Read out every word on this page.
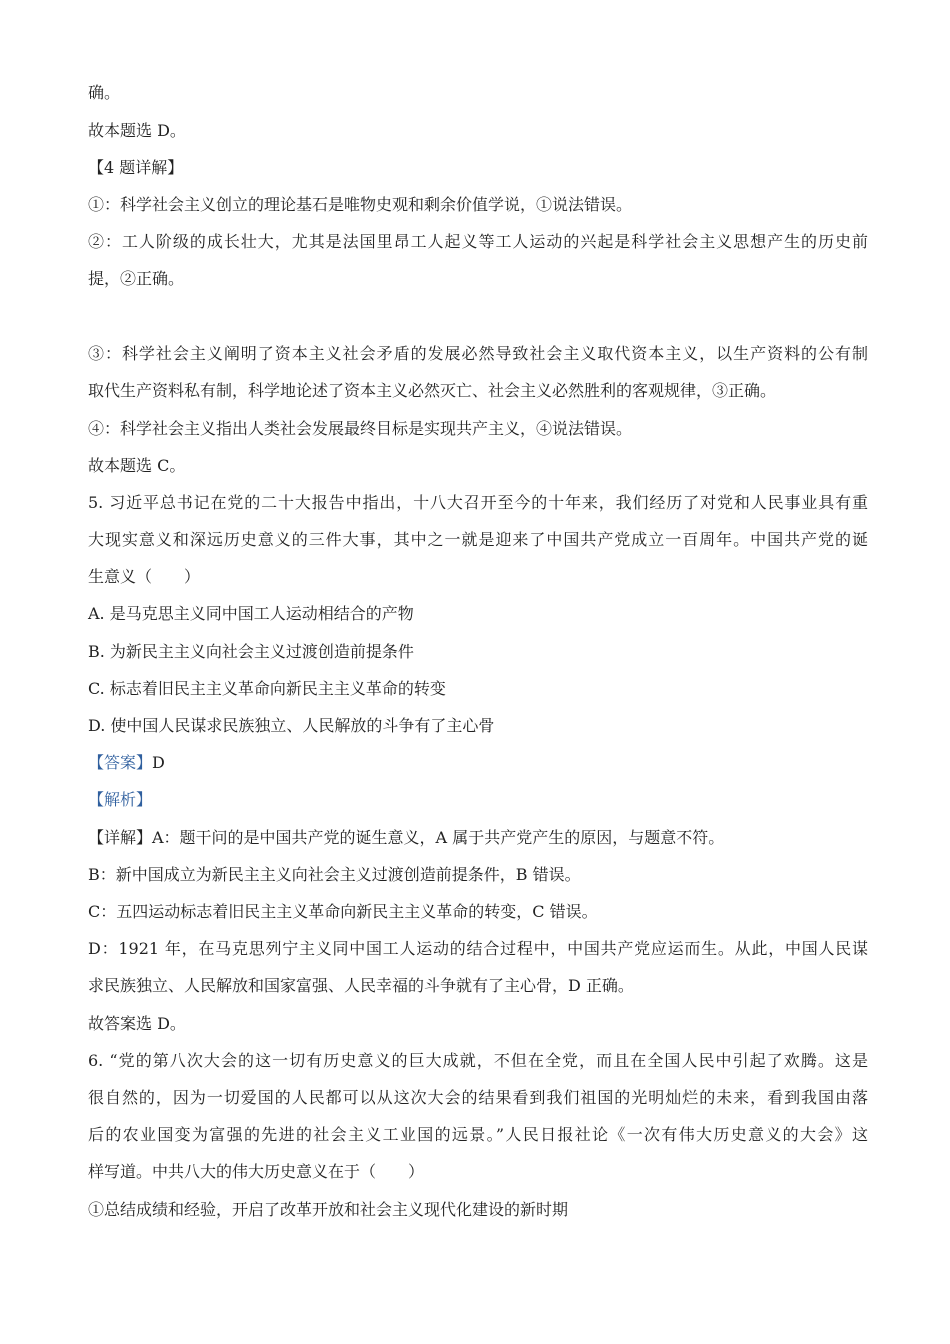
确。
故本题选 D。
【4 题详解】
①：科学社会主义创立的理论基石是唯物史观和剩余价值学说，①说法错误。
②：工人阶级的成长壮大，尤其是法国里昂工人起义等工人运动的兴起是科学社会主义思想产生的历史前
提，②正确。
③：科学社会主义阐明了资本主义社会矛盾的发展必然导致社会主义取代资本主义，以生产资料的公有制
取代生产资料私有制，科学地论述了资本主义必然灭亡、社会主义必然胜利的客观规律，③正确。
④：科学社会主义指出人类社会发展最终目标是实现共产主义，④说法错误。
故本题选 C。
5. 习近平总书记在党的二十大报告中指出，十八大召开至今的十年来，我们经历了对党和人民事业具有重
大现实意义和深远历史意义的三件大事，其中之一就是迎来了中国共产党成立一百周年。中国共产党的诞
生意义（　　）
A. 是马克思主义同中国工人运动相结合的产物
B. 为新民主主义向社会主义过渡创造前提条件
C. 标志着旧民主主义革命向新民主主义革命的转变
D. 使中国人民谋求民族独立、人民解放的斗争有了主心骨
【答案】D
【解析】
【详解】A：题干问的是中国共产党的诞生意义，A 属于共产党产生的原因，与题意不符。
B：新中国成立为新民主主义向社会主义过渡创造前提条件，B 错误。
C：五四运动标志着旧民主主义革命向新民主主义革命的转变，C 错误。
D：1921 年，在马克思列宁主义同中国工人运动的结合过程中，中国共产党应运而生。从此，中国人民谋
求民族独立、人民解放和国家富强、人民幸福的斗争就有了主心骨，D 正确。
故答案选 D。
6. “党的第八次大会的这一切有历史意义的巨大成就，不但在全党，而且在全国人民中引起了欢腾。这是
很自然的，因为一切爱国的人民都可以从这次大会的结果看到我们祖国的光明灿烂的未来，看到我国由落
后的农业国变为富强的先进的社会主义工业国的远景。”人民日报社论《一次有伟大历史意义的大会》这
样写道。中共八大的伟大历史意义在于（　　）
①总结成绩和经验，开启了改革开放和社会主义现代化建设的新时期
